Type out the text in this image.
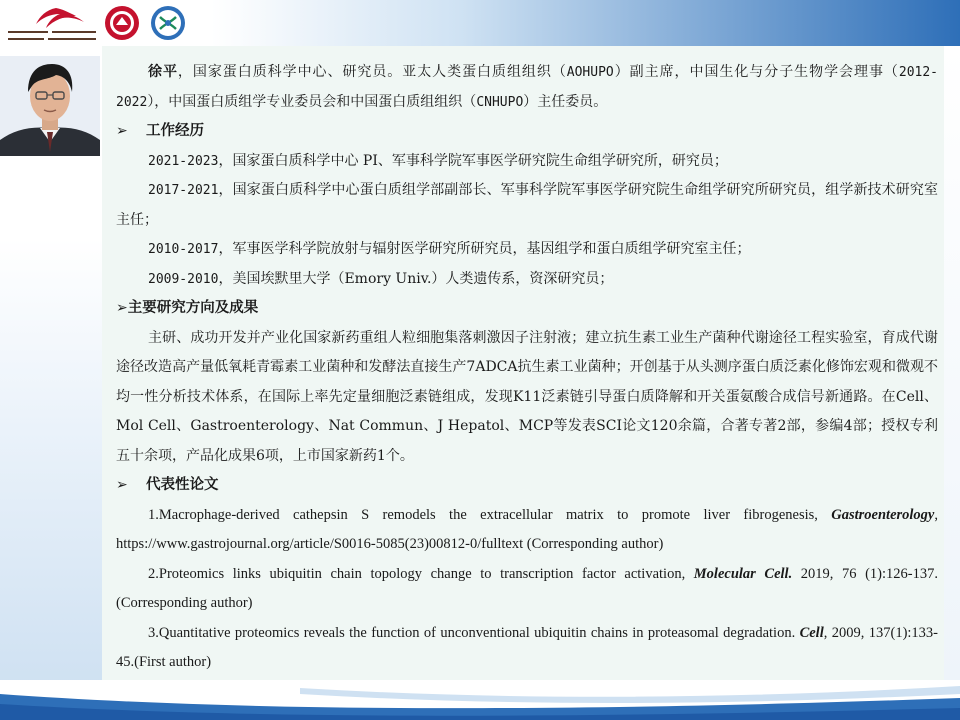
徐平，国家蛋白质科学中心、研究员。亚太人类蛋白质组组织（AOHUPO）副主席，中国生化与分子生物学会理事（2012-2022），中国蛋白质组学专业委员会和中国蛋白质组组织（CNHUPO）主任委员。

➢ 工作经历

2021-2023，国家蛋白质科学中心 PI、军事科学院军事医学研究院生命组学研究所，研究员；

2017-2021，国家蛋白质科学中心蛋白质组学部副部长、军事科学院军事医学研究院生命组学研究所研究员，组学新技术研究室主任；

2010-2017，军事医学科学院放射与辐射医学研究所研究员，基因组学和蛋白质组学研究室主任；

2009-2010，美国埃默里大学（Emory Univ.）人类遗传系，资深研究员；

➢主要研究方向及成果

主研、成功开发并产业化国家新药重组人粒细胞集落刺激因子注射液；建立抗生素工业生产菌种代谢途径工程实验室，育成代谢途径改造高产量低氧耗青霉素工业菌种和发酵法直接生产7ADCA抗生素工业菌种；开创基于从头测序蛋白质泛素化修饰宏观和微观不均一性分析技术体系，在国际上率先定量细胞泛素链组成，发现K11泛素链引导蛋白质降解和开关蛋氨酸合成信号新通路。在Cell、Mol Cell、Gastroenterology、Nat Commun、J Hepatol、MCP等发表SCI论文120余篇，合著专著2部，参编4部；授权专利五十余项，产品化成果6项，上市国家新药1个。

➢ 代表性论文

1.Macrophage-derived cathepsin S remodels the extracellular matrix to promote liver fibrogenesis, Gastroenterology, https://www.gastrojournal.org/article/S0016-5085(23)00812-0/fulltext (Corresponding author)

2.Proteomics links ubiquitin chain topology change to transcription factor activation, Molecular Cell. 2019, 76 (1):126-137. (Corresponding author)

3.Quantitative proteomics reveals the function of unconventional ubiquitin chains in proteasomal degradation. Cell, 2009, 137(1):133-45.(First author)
